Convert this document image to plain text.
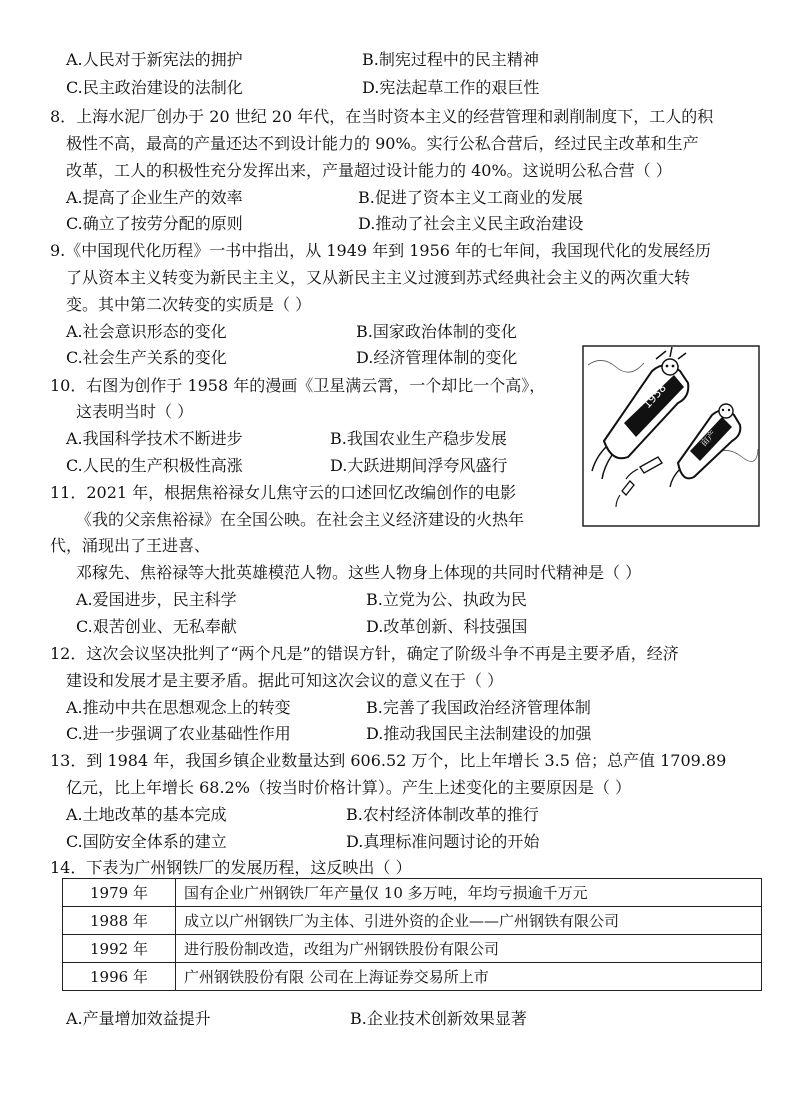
A.人民对于新宪法的拥护	B.制宪过程中的民主精神
C.民主政治建设的法制化	D.宪法起草工作的艰巨性
8．上海水泥厂创办于 20 世纪 20 年代，在当时资本主义的经营管理和剥削制度下，工人的积
极性不高，最高的产量还达不到设计能力的 90%。实行公私合营后，经过民主改革和生产
改革，工人的积极性充分发挥出来，产量超过设计能力的 40%。这说明公私合营（ ）
A.提高了企业生产的效率	B.促进了资本主义工商业的发展
C.确立了按劳分配的原则	D.推动了社会主义民主政治建设
9.《中国现代化历程》一书中指出，从 1949 年到 1956 年的七年间，我国现代化的发展经历
了从资本主义转变为新民主主义，又从新民主主义过渡到苏式经典社会主义的两次重大转
变。其中第二次转变的实质是（ ）
A.社会意识形态的变化	B.国家政治体制的变化
C.社会生产关系的变化	D.经济管理体制的变化
10．右图为创作于 1958 年的漫画《卫星满云霄，一个却比一个高》，
这表明当时（ ）
A.我国科学技术不断进步	B.我国农业生产稳步发展
C.人民的生产积极性高涨	D.大跃进期间浮夸风盛行
11．2021 年，根据焦裕禄女儿焦守云的口述回忆改编创作的电影
《我的父亲焦裕禄》在全国公映。在社会主义经济建设的火热年
代，涌现出了王进喜、
邓稼先、焦裕禄等大批英雄模范人物。这些人物身上体现的共同时代精神是（ ）
A.爱国进步，民主科学	B.立党为公、执政为民
C.艰苦创业、无私奉献	D.改革创新、科技强国
12．这次会议坚决批判了“两个凡是”的错误方针，确定了阶级斗争不再是主要矛盾，经济
建设和发展才是主要矛盾。据此可知这次会议的意义在于（ ）
A.推动中共在思想观念上的转变	B.完善了我国政治经济管理体制
C.进一步强调了农业基础性作用	D.推动我国民主法制建设的加强
13．到 1984 年，我国乡镇企业数量达到 606.52 万个，比上年增长 3.5 倍；总产值 1709.89
亿元，比上年增长 68.2%（按当时价格计算）。产生上述变化的主要原因是（ ）
A.土地改革的基本完成	B.农村经济体制改革的推行
C.国防安全体系的建立	D.真理标准问题讨论的开始
14．下表为广州钢铁厂的发展历程，这反映出（ ）
1979 年	国有企业广州钢铁厂年产量仅 10 多万吨，年均亏损逾千万元
1988 年	成立以广州钢铁厂为主体、引进外资的企业——广州钢铁有限公司
1992 年	进行股份制改造，改组为广州钢铁股份有限公司
1996 年	广州钢铁股份有限 公司在上海证券交易所上市
A.产量增加效益提升	B.企业技术创新效果显著
1958
亩产
